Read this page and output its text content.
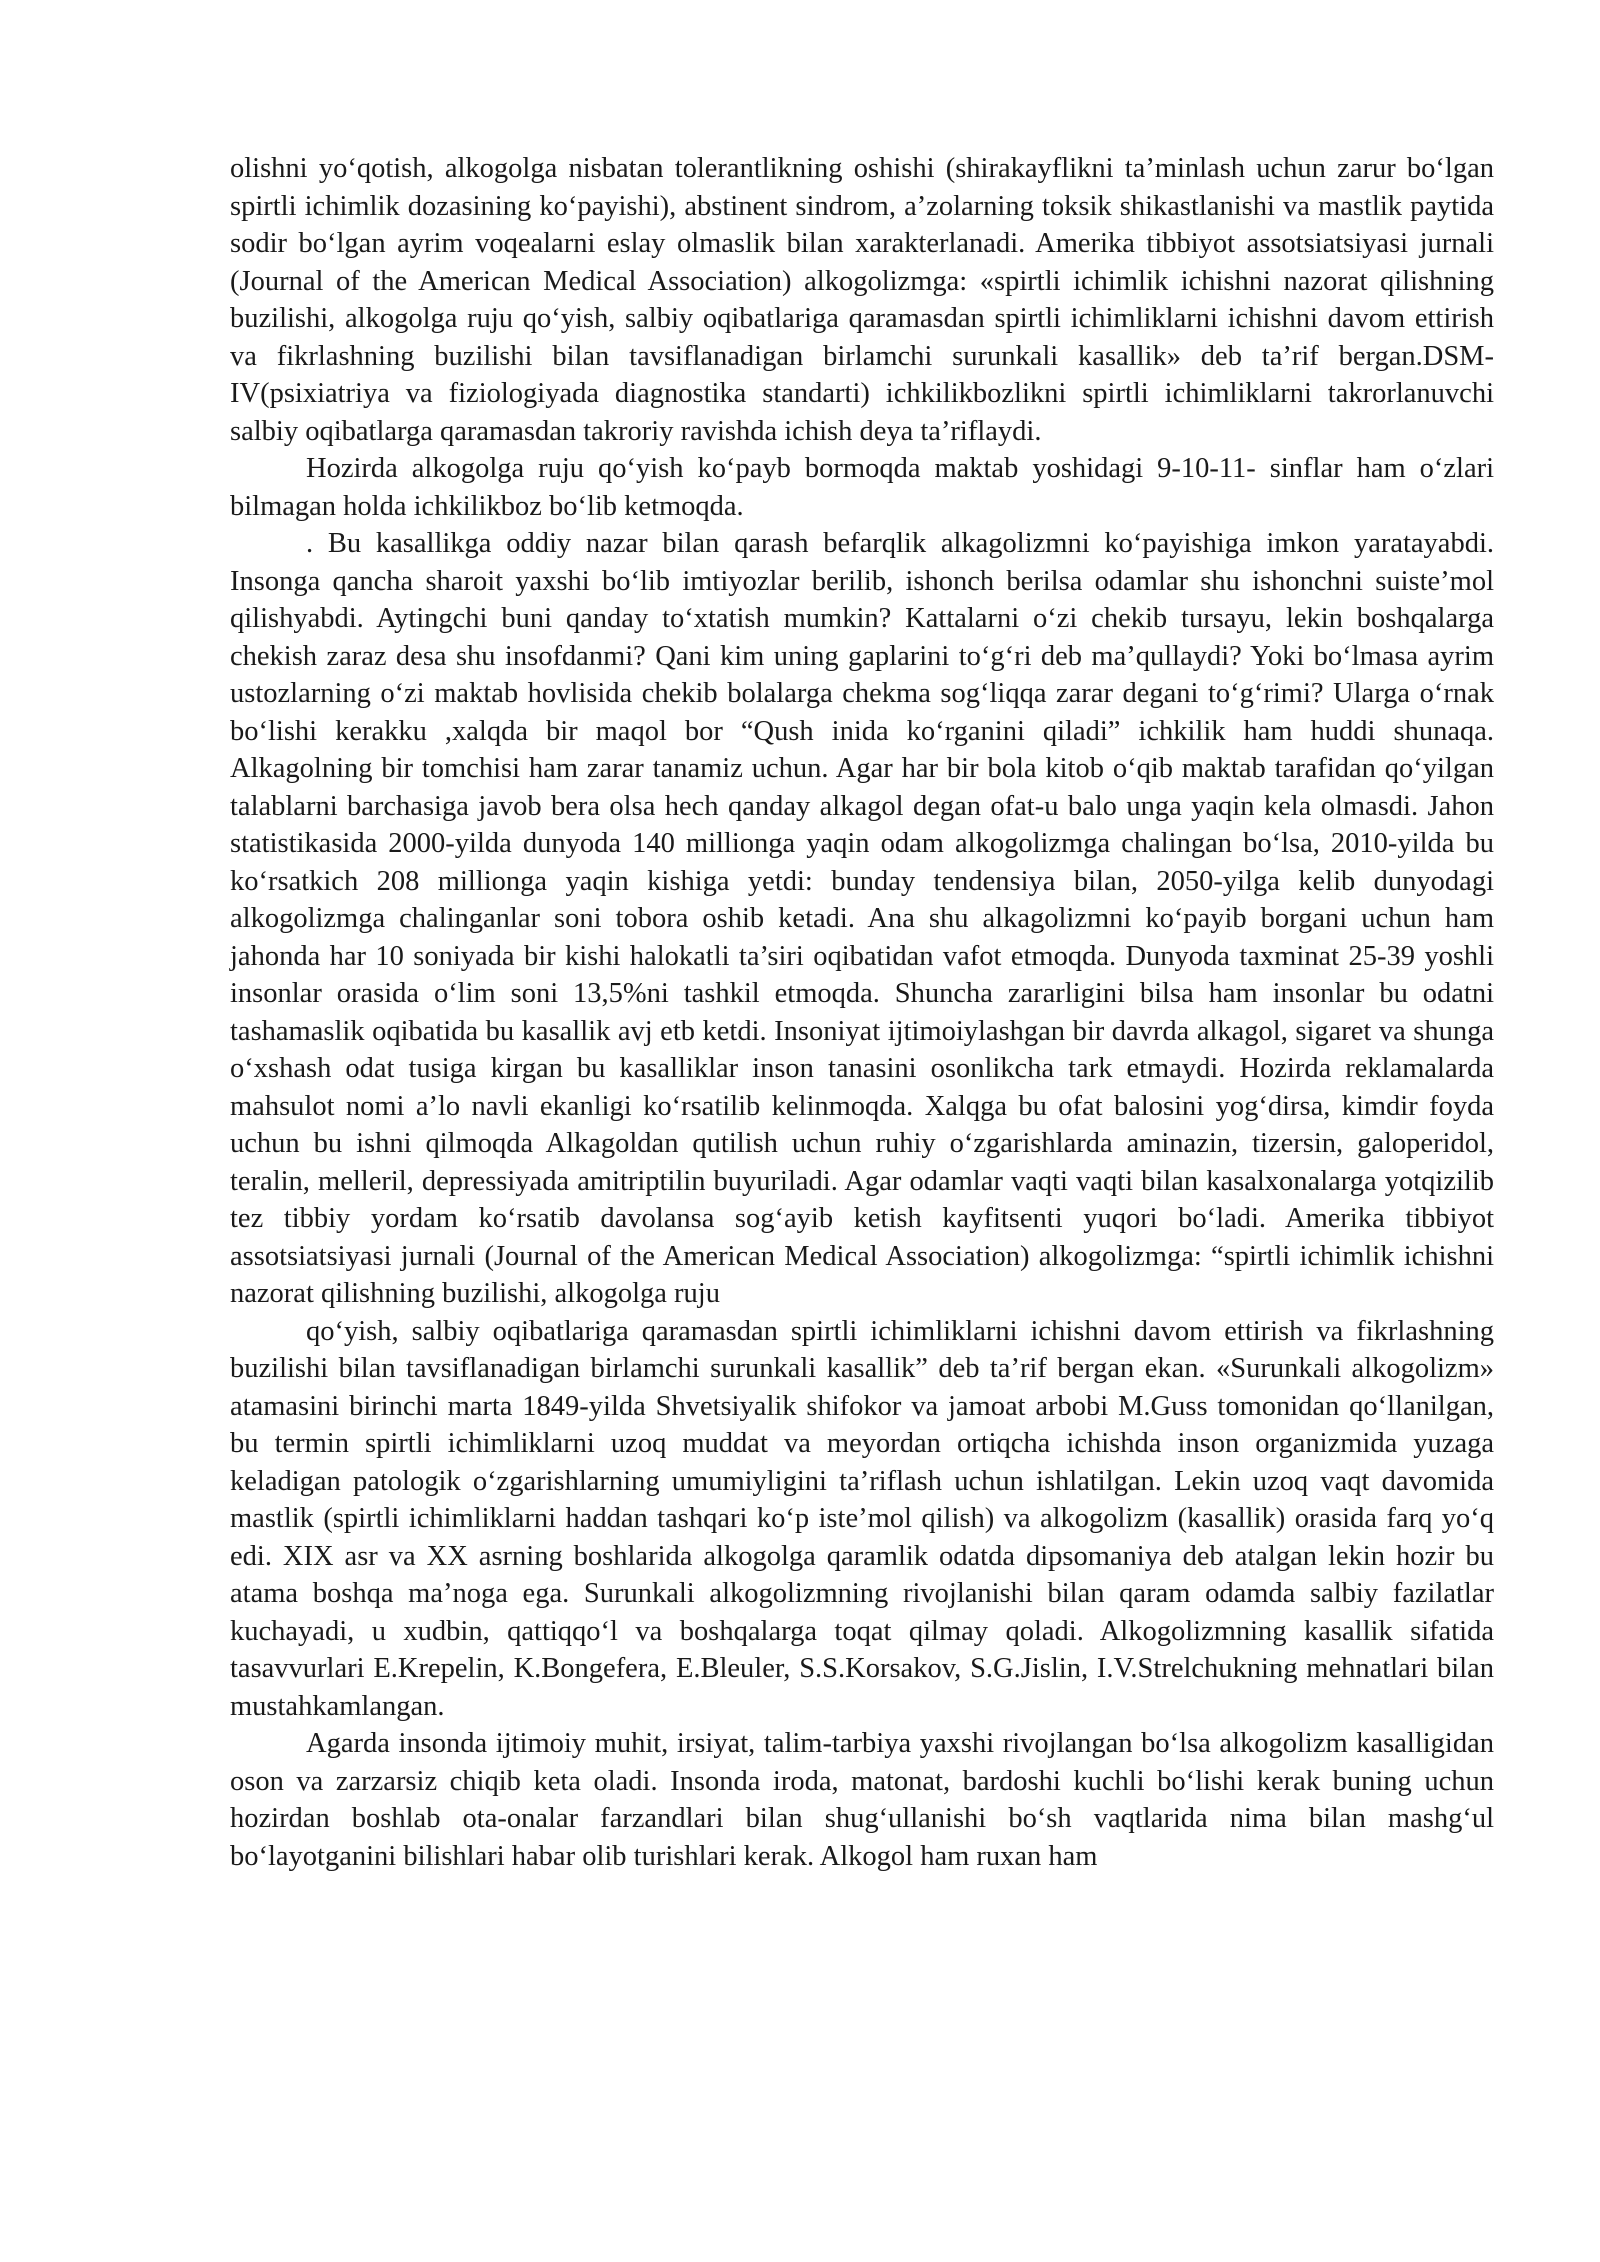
olishni yo‘qotish, alkogolga nisbatan tolerantlikning oshishi (shirakayflikni ta’minlash uchun zarur bo‘lgan spirtli ichimlik dozasining ko‘payishi), abstinent sindrom, a’zolarning toksik shikastlanishi va mastlik paytida sodir bo‘lgan ayrim voqealarni eslay olmaslik bilan xarakterlanadi. Amerika tibbiyot assotsiatsiyasi jurnali (Journal of the American Medical Association) alkogolizmga: «spirtli ichimlik ichishni nazorat qilishning buzilishi, alkogolga ruju qo‘yish, salbiy oqibatlariga qaramasdan spirtli ichimliklarni ichishni davom ettirish va fikrlashning buzilishi bilan tavsiflanadigan birlamchi surunkali kasallik» deb ta’rif bergan.DSM-IV(psixiatriya va fiziologiyada diagnostika standarti) ichkilikbozlikni spirtli ichimliklarni takrorlanuvchi salbiy oqibatlarga qaramasdan takroriy ravishda ichish deya ta’riflaydi.

Hozirda alkogolga ruju qo‘yish ko‘payb bormoqda maktab yoshidagi 9-10-11- sinflar ham o‘zlari bilmagan holda ichkilikboz bo‘lib ketmoqda.

. Bu kasallikga oddiy nazar bilan qarash befarqlik alkagolizmni ko‘payishiga imkon yaratayabdi. Insonga qancha sharoit yaxshi bo‘lib imtiyozlar berilib, ishonch berilsa odamlar shu ishonchni suiste’mol qilishyabdi. Aytingchi buni qanday to‘xtatish mumkin? Kattalarni o‘zi chekib tursayu, lekin boshqalarga chekish zaraz desa shu insofdanmi? Qani kim uning gaplarini to‘g‘ri deb ma’qullaydi? Yoki bo‘lmasa ayrim ustozlarning o‘zi maktab hovlisida chekib bolalarga chekma sog‘liqqa zarar degani to‘g‘rimi? Ularga o‘rnak bo‘lishi kerakku ,xalqda bir maqol bor “Qush inida ko‘rganini qiladi” ichkilik ham huddi shunaqa. Alkagolning bir tomchisi ham zarar tanamiz uchun. Agar har bir bola kitob o‘qib maktab tarafidan qo‘yilgan talablarni barchasiga javob bera olsa hech qanday alkagol degan ofat-u balo unga yaqin kela olmasdi. Jahon statistikasida 2000-yilda dunyoda 140 millionga yaqin odam alkogolizmga chalingan bo‘lsa, 2010-yilda bu ko‘rsatkich 208 millionga yaqin kishiga yetdi: bunday tendensiya bilan, 2050-yilga kelib dunyodagi alkogolizmga chalinganlar soni tobora oshib ketadi. Ana shu alkagolizmni ko‘payib borgani uchun ham jahonda har 10 soniyada bir kishi halokatli ta’siri oqibatidan vafot etmoqda. Dunyoda taxminat 25-39 yoshli insonlar orasida o‘lim soni 13,5%ni tashkil etmoqda. Shuncha zararligini bilsa ham insonlar bu odatni tashamaslik oqibatida bu kasallik avj etb ketdi. Insoniyat ijtimoiylashgan bir davrda alkagol, sigaret va shunga o‘xshash odat tusiga kirgan bu kasalliklar inson tanasini osonlikcha tark etmaydi. Hozirda reklamalarda mahsulot nomi a’lo navli ekanligi ko‘rsatilib kelinmoqda. Xalqga bu ofat balosini yog‘dirsa, kimdir foyda uchun bu ishni qilmoqda Alkagoldan qutilish uchun ruhiy o‘zgarishlarda aminazin, tizersin, galoperidol, teralin, melleril, depressiyada amitriptilin buyuriladi. Agar odamlar vaqti vaqti bilan kasalxonalarga yotqizilib tez tibbiy yordam ko‘rsatib davolansa sog‘ayib ketish kayfitsenti yuqori bo‘ladi. Amerika tibbiyot assotsiatsiyasi jurnali (Journal of the American Medical Association) alkogolizmga: “spirtli ichimlik ichishni nazorat qilishning buzilishi, alkogolga ruju

qo‘yish, salbiy oqibatlariga qaramasdan spirtli ichimliklarni ichishni davom ettirish va fikrlashning buzilishi bilan tavsiflanadigan birlamchi surunkali kasallik” deb ta’rif bergan ekan. «Surunkali alkogolizm» atamasini birinchi marta 1849-yilda Shvetsiyalik shifokor va jamoat arbobi M.Guss tomonidan qo‘llanilgan, bu termin spirtli ichimliklarni uzoq muddat va meyordan ortiqcha ichishda inson organizmida yuzaga keladigan patologik o‘zgarishlarning umumiyligini ta’riflash uchun ishlatilgan. Lekin uzoq vaqt davomida mastlik (spirtli ichimliklarni haddan tashqari ko‘p iste’mol qilish) va alkogolizm (kasallik) orasida farq yo‘q edi. XIX asr va XX asrning boshlarida alkogolga qaramlik odatda dipsomaniya deb atalgan lekin hozir bu atama boshqa ma’noga ega. Surunkali alkogolizmning rivojlanishi bilan qaram odamda salbiy fazilatlar kuchayadi, u xudbin, qattiqqo‘l va boshqalarga toqat qilmay qoladi. Alkogolizmning kasallik sifatida tasavvurlari E.Krepelin, K.Bongefera, E.Bleuler, S.S.Korsakov, S.G.Jislin, I.V.Strelchukning mehnatlari bilan mustahkamlangan.

Agarda insonda ijtimoiy muhit, irsiyat, talim-tarbiya yaxshi rivojlangan bo‘lsa alkogolizm kasalligidan oson va zarzarsiz chiqib keta oladi. Insonda iroda, matonat, bardoshi kuchli bo‘lishi kerak buning uchun hozirdan boshlab ota-onalar farzandlari bilan shug‘ullanishi bo‘sh vaqtlarida nima bilan mashg‘ul bo‘layotganini bilishlari habar olib turishlari kerak. Alkogol ham ruxan ham
